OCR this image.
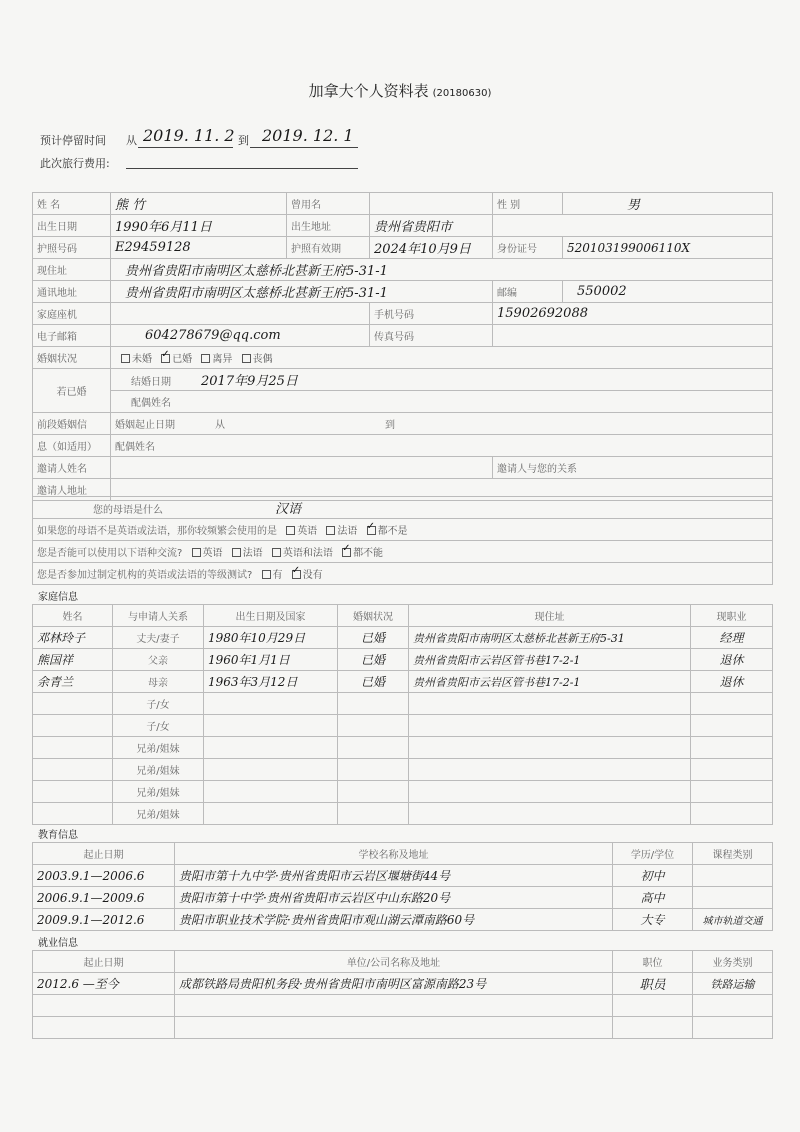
加拿大个人资料表 (20180630)
预计停留时间 从 2019. 11. 2 到 2019. 12. 1
此次旅行费用:
姓 名	熊 竹	曾用名		性 别	男
出生日期	1990年6月11日	出生地址	贵州省贵阳市		
护照号码	E29459128	护照有效期	2024年10月9日	身份证号	520103199006110X
现住址	贵州省贵阳市南明区太慈桥北甚新王府5-31-1				
通讯地址	贵州省贵阳市南明区太慈桥北甚新王府5-31-1			邮编	550002
家庭座机			手机号码	15902692088	
电子邮箱	604278679@qq.com		传真号码		
婚姻状况	未婚 ✓ 已婚 离异 丧偶
若已婚	结婚日期 2017年9月25日				
	配偶姓名				
前段婚姻信	婚姻起止日期 从 到				
息（如适用）	配偶姓名				
邀请人姓名				邀请人与您的关系	
邀请人地址					
您的母语是什么	汉语
如果您的母语不是英语或法语，那你较频繁会使用的是 英语 法语 ✓ 都不是
您是否能可以使用以下语种交流? 英语 法语 英语和法语 ✓ 都不能
您是否参加过制定机构的英语或法语的等级测试? 有 ✓ 没有
家庭信息
姓名	与申请人关系	出生日期及国家	婚姻状况	现住址	现职业
邓林玲子	丈夫/妻子	1980年10月29日	已婚	贵州省贵阳市南明区太慈桥北甚新王府5-31	经理
熊国祥	父亲	1960年1月1日	已婚	贵州省贵阳市云岩区管书巷17-2-1	退休
余青兰	母亲	1963年3月12日	已婚	贵州省贵阳市云岩区管书巷17-2-1	退休
	子/女				
	子/女				
	兄弟/姐妹				
	兄弟/姐妹				
	兄弟/姐妹				
	兄弟/姐妹				
教育信息
起止日期	学校名称及地址	学历/学位	课程类别
2003.9.1—2006.6	贵阳市第十九中学·贵州省贵阳市云岩区堰塘街44号	初中	
2006.9.1—2009.6	贵阳市第十中学·贵州省贵阳市云岩区中山东路20号	高中	
2009.9.1—2012.6	贵阳市职业技术学院·贵州省贵阳市观山湖云潭南路60号	大专	城市轨道交通
就业信息
起止日期	单位/公司名称及地址	职位	业务类别
2012.6 —至今	成都铁路局贵阳机务段·贵州省贵阳市南明区富源南路23号	职员	铁路运输
